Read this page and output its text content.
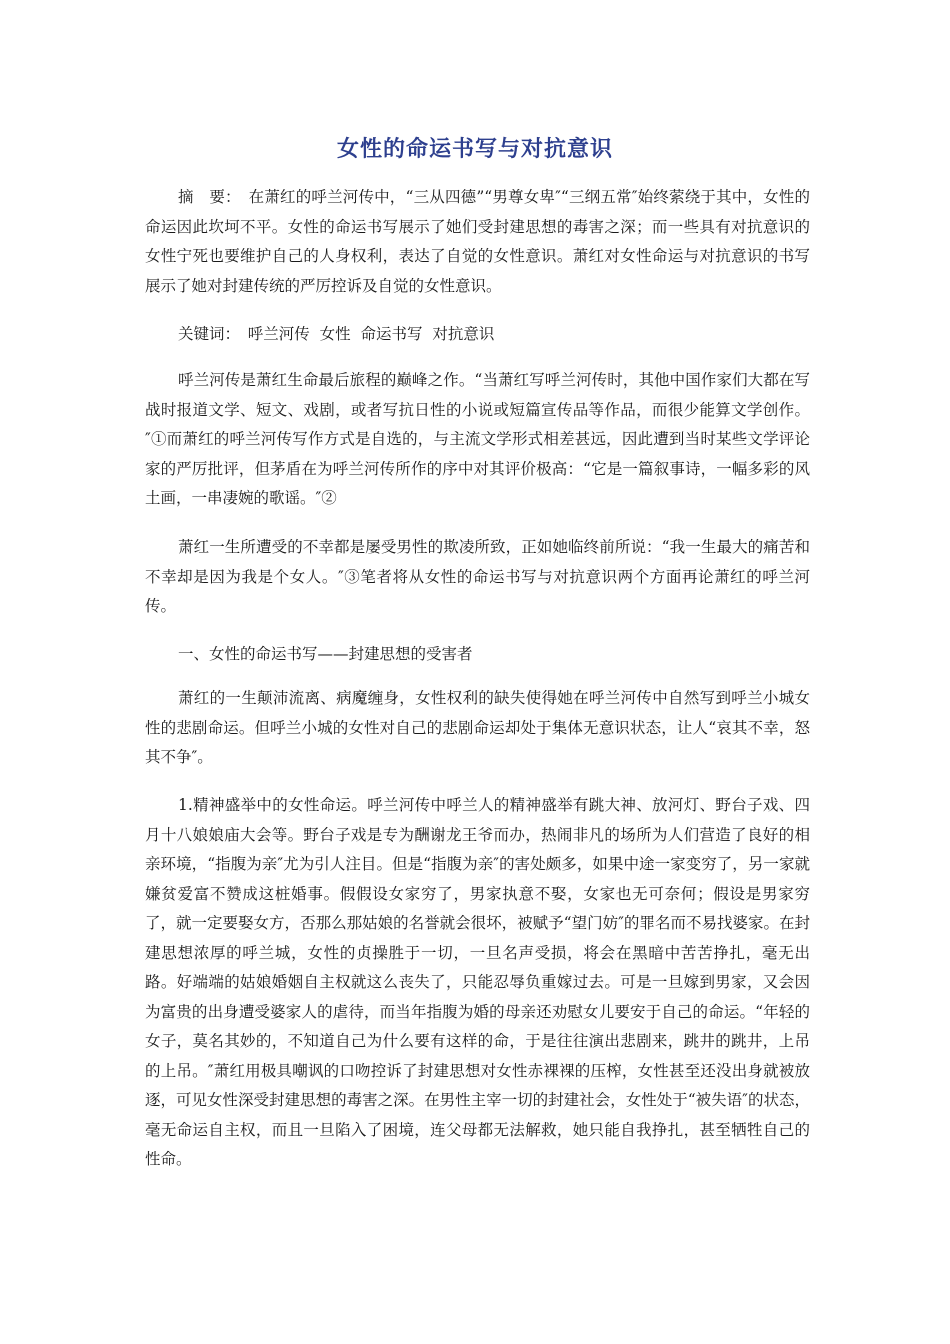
女性的命运书写与对抗意识

摘　要：　 在萧红的呼兰河传中，“三从四德”“男尊女卑″“三纲五常″始终萦绕于其中，女性的命运因此坎坷不平。女性的命运书写展示了她们受封建思想的毒害之深；而一些具有对抗意识的女性宁死也要维护自己的人身权利，表达了自觉的女性意识。萧红对女性命运与对抗意识的书写展示了她对封建传统的严厉控诉及自觉的女性意识。

关键词：　 呼兰河传  女性  命运书写  对抗意识

呼兰河传是萧红生命最后旅程的巅峰之作。“当萧红写呼兰河传时，其他中国作家们大都在写战时报道文学、短文、戏剧，或者写抗日性的小说或短篇宣传品等作品，而很少能算文学创作。″①而萧红的呼兰河传写作方式是自选的，与主流文学形式相差甚远，因此遭到当时某些文学评论家的严厉批评，但茅盾在为呼兰河传所作的序中对其评价极高：“它是一篇叙事诗，一幅多彩的风土画，一串凄婉的歌谣。″②

萧红一生所遭受的不幸都是屡受男性的欺凌所致，正如她临终前所说：“我一生最大的痛苦和不幸却是因为我是个女人。″③笔者将从女性的命运书写与对抗意识两个方面再论萧红的呼兰河传。

一、女性的命运书写——封建思想的受害者

萧红的一生颠沛流离、病魔缠身，女性权利的缺失使得她在呼兰河传中自然写到呼兰小城女性的悲剧命运。但呼兰小城的女性对自己的悲剧命运却处于集体无意识状态，让人“哀其不幸，怒其不争″。

1.精神盛举中的女性命运。呼兰河传中呼兰人的精神盛举有跳大神、放河灯、野台子戏、四月十八娘娘庙大会等。野台子戏是专为酬谢龙王爷而办，热闹非凡的场所为人们营造了良好的相亲环境，“指腹为亲″尤为引人注目。但是“指腹为亲″的害处颇多，如果中途一家变穷了，另一家就嫌贫爱富不赞成这桩婚事。假假设女家穷了，男家执意不娶，女家也无可奈何；假设是男家穷了，就一定要娶女方，否那么那姑娘的名誉就会很坏，被赋予“望门妨″的罪名而不易找婆家。在封建思想浓厚的呼兰城，女性的贞操胜于一切，一旦名声受损，将会在黑暗中苦苦挣扎，毫无出路。好端端的姑娘婚姻自主权就这么丧失了，只能忍辱负重嫁过去。可是一旦嫁到男家，又会因为富贵的出身遭受婆家人的虐待，而当年指腹为婚的母亲还劝慰女儿要安于自己的命运。“年轻的女子，莫名其妙的，不知道自己为什么要有这样的命，于是往往演出悲剧来，跳井的跳井，上吊的上吊。″萧红用极具嘲讽的口吻控诉了封建思想对女性赤裸裸的压榨，女性甚至还没出身就被放逐，可见女性深受封建思想的毒害之深。在男性主宰一切的封建社会，女性处于“被失语″的状态，毫无命运自主权，而且一旦陷入了困境，连父母都无法解救，她只能自我挣扎，甚至牺牲自己的性命。
